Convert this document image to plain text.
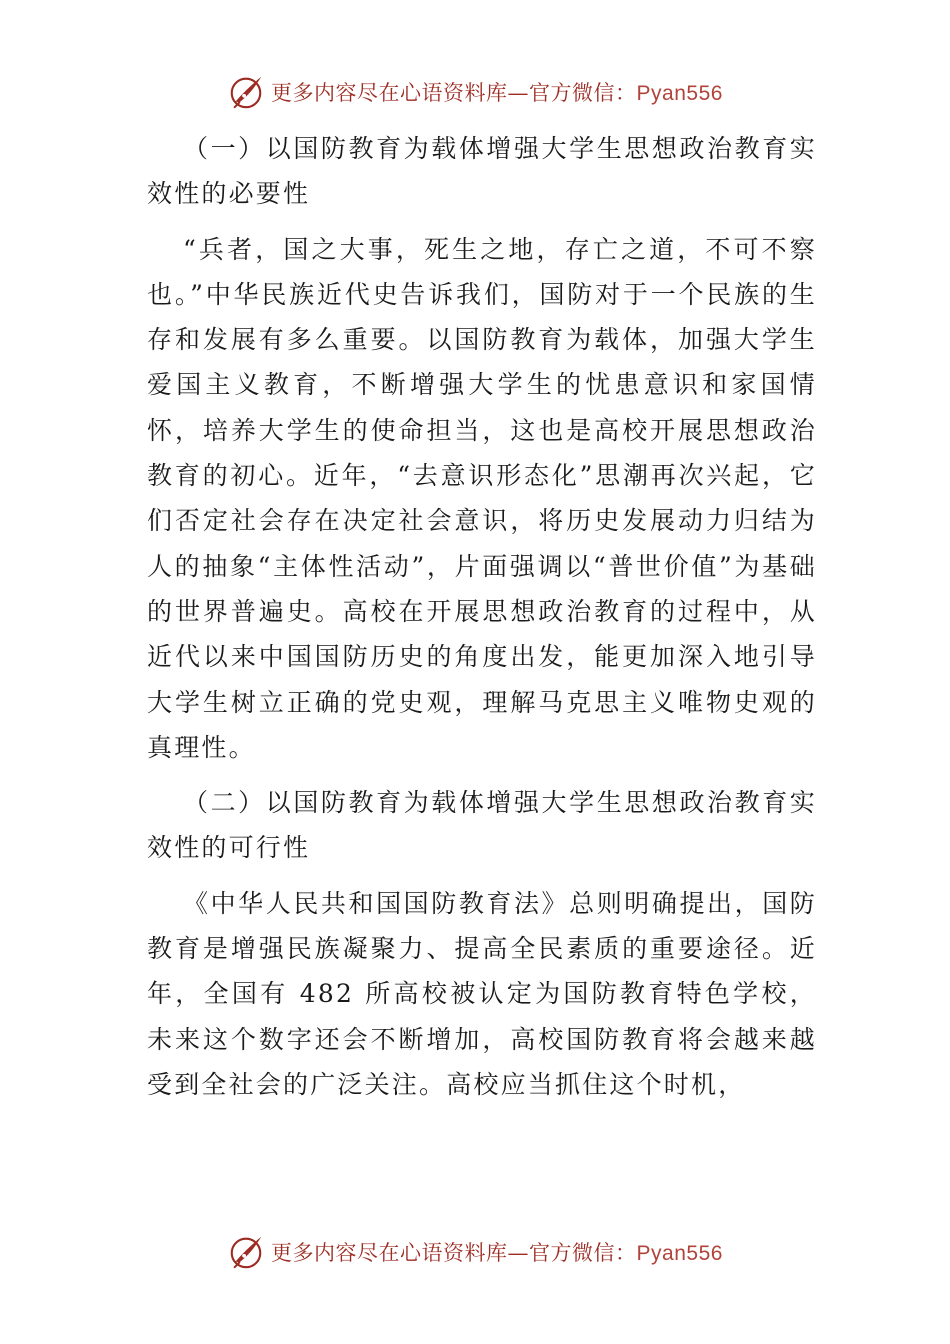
更多内容尽在心语资料库—官方微信：Pyan556

（一）以国防教育为载体增强大学生思想政治教育实效性的必要性

“兵者，国之大事，死生之地，存亡之道，不可不察也。”中华民族近代史告诉我们，国防对于一个民族的生存和发展有多么重要。以国防教育为载体，加强大学生爱国主义教育，不断增强大学生的忧患意识和家国情怀，培养大学生的使命担当，这也是高校开展思想政治教育的初心。近年，“去意识形态化”思潮再次兴起，它们否定社会存在决定社会意识，将历史发展动力归结为人的抽象“主体性活动”，片面强调以“普世价值”为基础的世界普遍史。高校在开展思想政治教育的过程中，从近代以来中国国防历史的角度出发，能更加深入地引导大学生树立正确的党史观，理解马克思主义唯物史观的真理性。

（二）以国防教育为载体增强大学生思想政治教育实效性的可行性

《中华人民共和国国防教育法》总则明确提出，国防教育是增强民族凝聚力、提高全民素质的重要途径。近年，全国有 482 所高校被认定为国防教育特色学校，未来这个数字还会不断增加，高校国防教育将会越来越受到全社会的广泛关注。高校应当抓住这个时机，

更多内容尽在心语资料库—官方微信：Pyan556
